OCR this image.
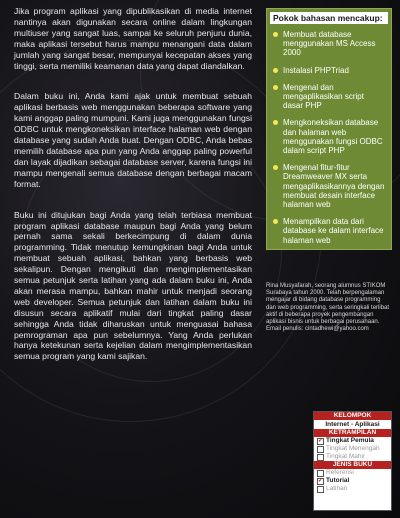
Jika program aplikasi yang dipublikasikan di media internet nantinya akan digunakan secara online dalam lingkungan multiuser yang sangat luas, sampai ke seluruh penjuru dunia, maka aplikasi tersebut harus mampu menangani data dalam jumlah yang sangat besar, mempunyai kecepatan akses yang tinggi, serta memiliki keamanan data yang dapat diandalkan.

Dalam buku ini, Anda kami ajak untuk membuat sebuah aplikasi berbasis web menggunakan beberapa software yang kami anggap paling mumpuni. Kami juga menggunakan fungsi ODBC untuk mengkoneksikan interface halaman web dengan database yang sudah Anda buat. Dengan ODBC, Anda bebas memilih database apa pun yang Anda anggap paling powerful dan layak dijadikan sebagai database server, karena fungsi ini mampu mengenali semua database dengan berbagai macam format.

Buku ini ditujukan bagi Anda yang telah terbiasa membuat program aplikasi database maupun bagi Anda yang belum pernah sama sekali berkecimpung di dalam dunia programming. Tidak menutup kemungkinan bagi Anda untuk membuat sebuah aplikasi, bahkan yang berbasis web sekalipun. Dengan mengikuti dan mengimplementasikan semua petunjuk serta latihan yang ada dalam buku ini, Anda akan merasa mampu, bahkan mahir untuk menjadi seorang web developer. Semua petunjuk dan latihan dalam buku ini disusun secara aplikatif mulai dari tingkat paling dasar sehingga Anda tidak diharuskan untuk menguasai bahasa pemrograman apa pun sebelumnya. Yang Anda perlukan hanya ketekunan serta kejelian dalam mengimplementasikan semua program yang kami sajikan.

Pokok bahasan mencakup:
Membuat database menggunakan MS Access 2000
Instalasi PHPTriad
Mengenal dan mengaplikasikan script dasar PHP
Mengkoneksikan database dan halaman web menggunakan fungsi ODBC dalam script PHP
Mengenal fitur-fitur Dreamweaver MX serta mengaplikasikannya dengan membuat desain interface halaman web
Menampilkan data dari database ke dalam interface halaman web
Rina Musyafarah, seorang alumnus STIKOM Surabaya tahun 2000. Telah berpengalaman mengajar di bidang database programming dan web programming, serta seringkali terlibat aktif di beberapa proyek pengembangan aplikasi bisnis untuk berbagai perusahaan.
Email penulis: cintadhewi@yahoo.com
KELOMPOK
Internet - Aplikasi
KETRAMPILAN
✓ Tingkat Pemula
Tingkat Menengah
Tingkat Mahir
JENIS BUKU
Referensi
✓ Tutorial
Latihan
